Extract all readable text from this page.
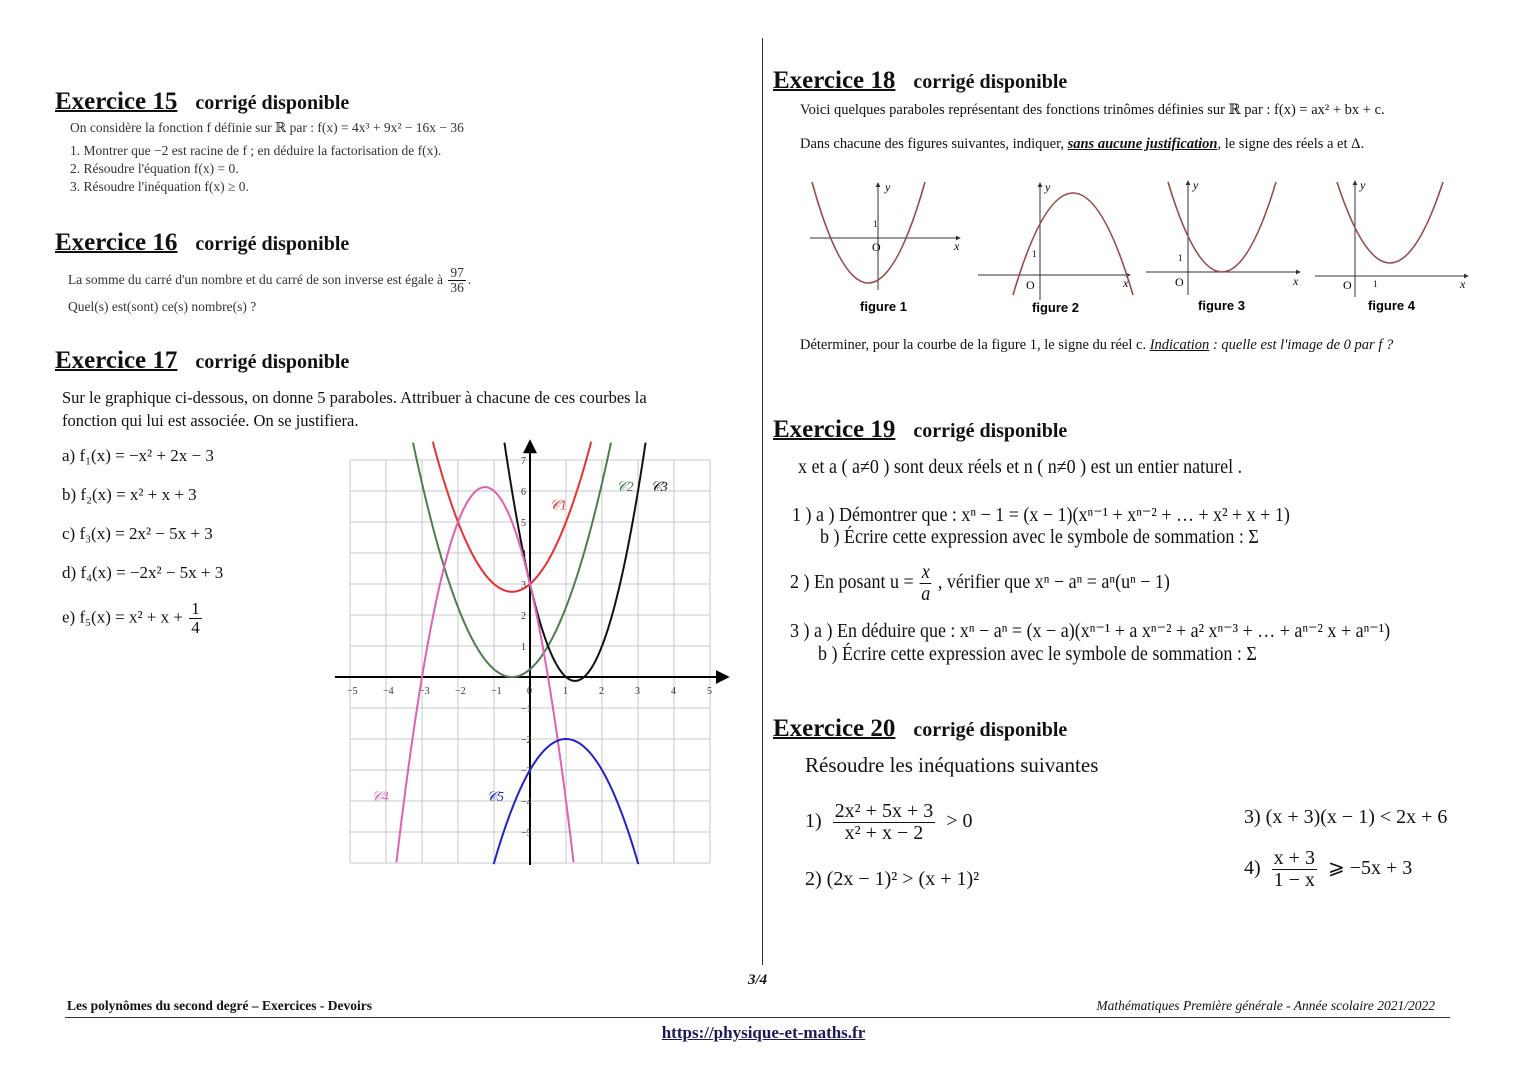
Exercice 15 corrigé disponible
On considère la fonction f définie sur ℝ par : f(x) = 4x³ + 9x² − 16x − 36
1. Montrer que −2 est racine de f ; en déduire la factorisation de f(x).
2. Résoudre l'équation f(x) = 0.
3. Résoudre l'inéquation f(x) ≥ 0.
Exercice 16 corrigé disponible
La somme du carré d'un nombre et du carré de son inverse est égale à $\frac{97}{36}$ .
Quel(s) est(sont) ce(s) nombre(s) ?
Exercice 17 corrigé disponible
Sur le graphique ci-dessous, on donne 5 paraboles. Attribuer à chacune de ces courbes la
fonction qui lui est associée. On se justifiera.
a) f₁(x) = −x² + 2x − 3
b) f₂(x) = x² + x + 3
c) f₃(x) = 2x² − 5x + 3
d) f₄(x) = −2x² − 5x + 3
e) $f_5(x) = x^2 + x + \frac{1}{4}$
−5	−4	−3	−2	−1	0	1	2	3	4	5
−5
−4
−3
−2
−1
1
2
3
4
5
6
7
𝒞1
𝒞2 𝒞3
𝒞4	𝒞5
Exercice 18 corrigé disponible
Voici quelques paraboles représentant des fonctions trinômes définies sur ℝ par : f(x) = ax² + bx + c.
Dans chacune des figures suivantes, indiquer, sans aucune justification, le signe des réels a et Δ.
y
x
O
1
figure 1
y
x
O
1
figure 2
y
x
O
1
figure 3
y
x
O 1
figure 4
Déterminer, pour la courbe de la figure 1, le signe du réel c. Indication : quelle est l'image de 0 par f ?
Exercice 19 corrigé disponible
x et a ( a≠0 ) sont deux réels et n ( n≠0 ) est un entier naturel .
1 ) a ) Démontrer que : xⁿ − 1 = (x − 1)(xⁿ⁻¹ + xⁿ⁻² + … + x² + x + 1)
b ) Écrire cette expression avec le symbole de sommation : Σ
2 ) En posant $u = \frac{x}{a}$ , vérifier que xⁿ − aⁿ = aⁿ(uⁿ − 1)
3 ) a ) En déduire que : xⁿ − aⁿ = (x − a)(xⁿ⁻¹ + a xⁿ⁻² + a² xⁿ⁻³ + … + aⁿ⁻² x + aⁿ⁻¹)
b ) Écrire cette expression avec le symbole de sommation : Σ
Exercice 20 corrigé disponible
Résoudre les inéquations suivantes
$1) \frac{\text{2x² + 5x + 3}}{\text{x² + x − 2}} > 0$
2) (2x − 1)² > (x + 1)²
3) (x + 3)(x − 1) < 2x + 6
$4) \frac{x + 3}{1 - x}$ ⩾ −5x + 3
3/4
Les polynômes du second degré – Exercices - Devoirs	Mathématiques Première générale - Année scolaire 2021/2022
https://physique-et-maths.fr
